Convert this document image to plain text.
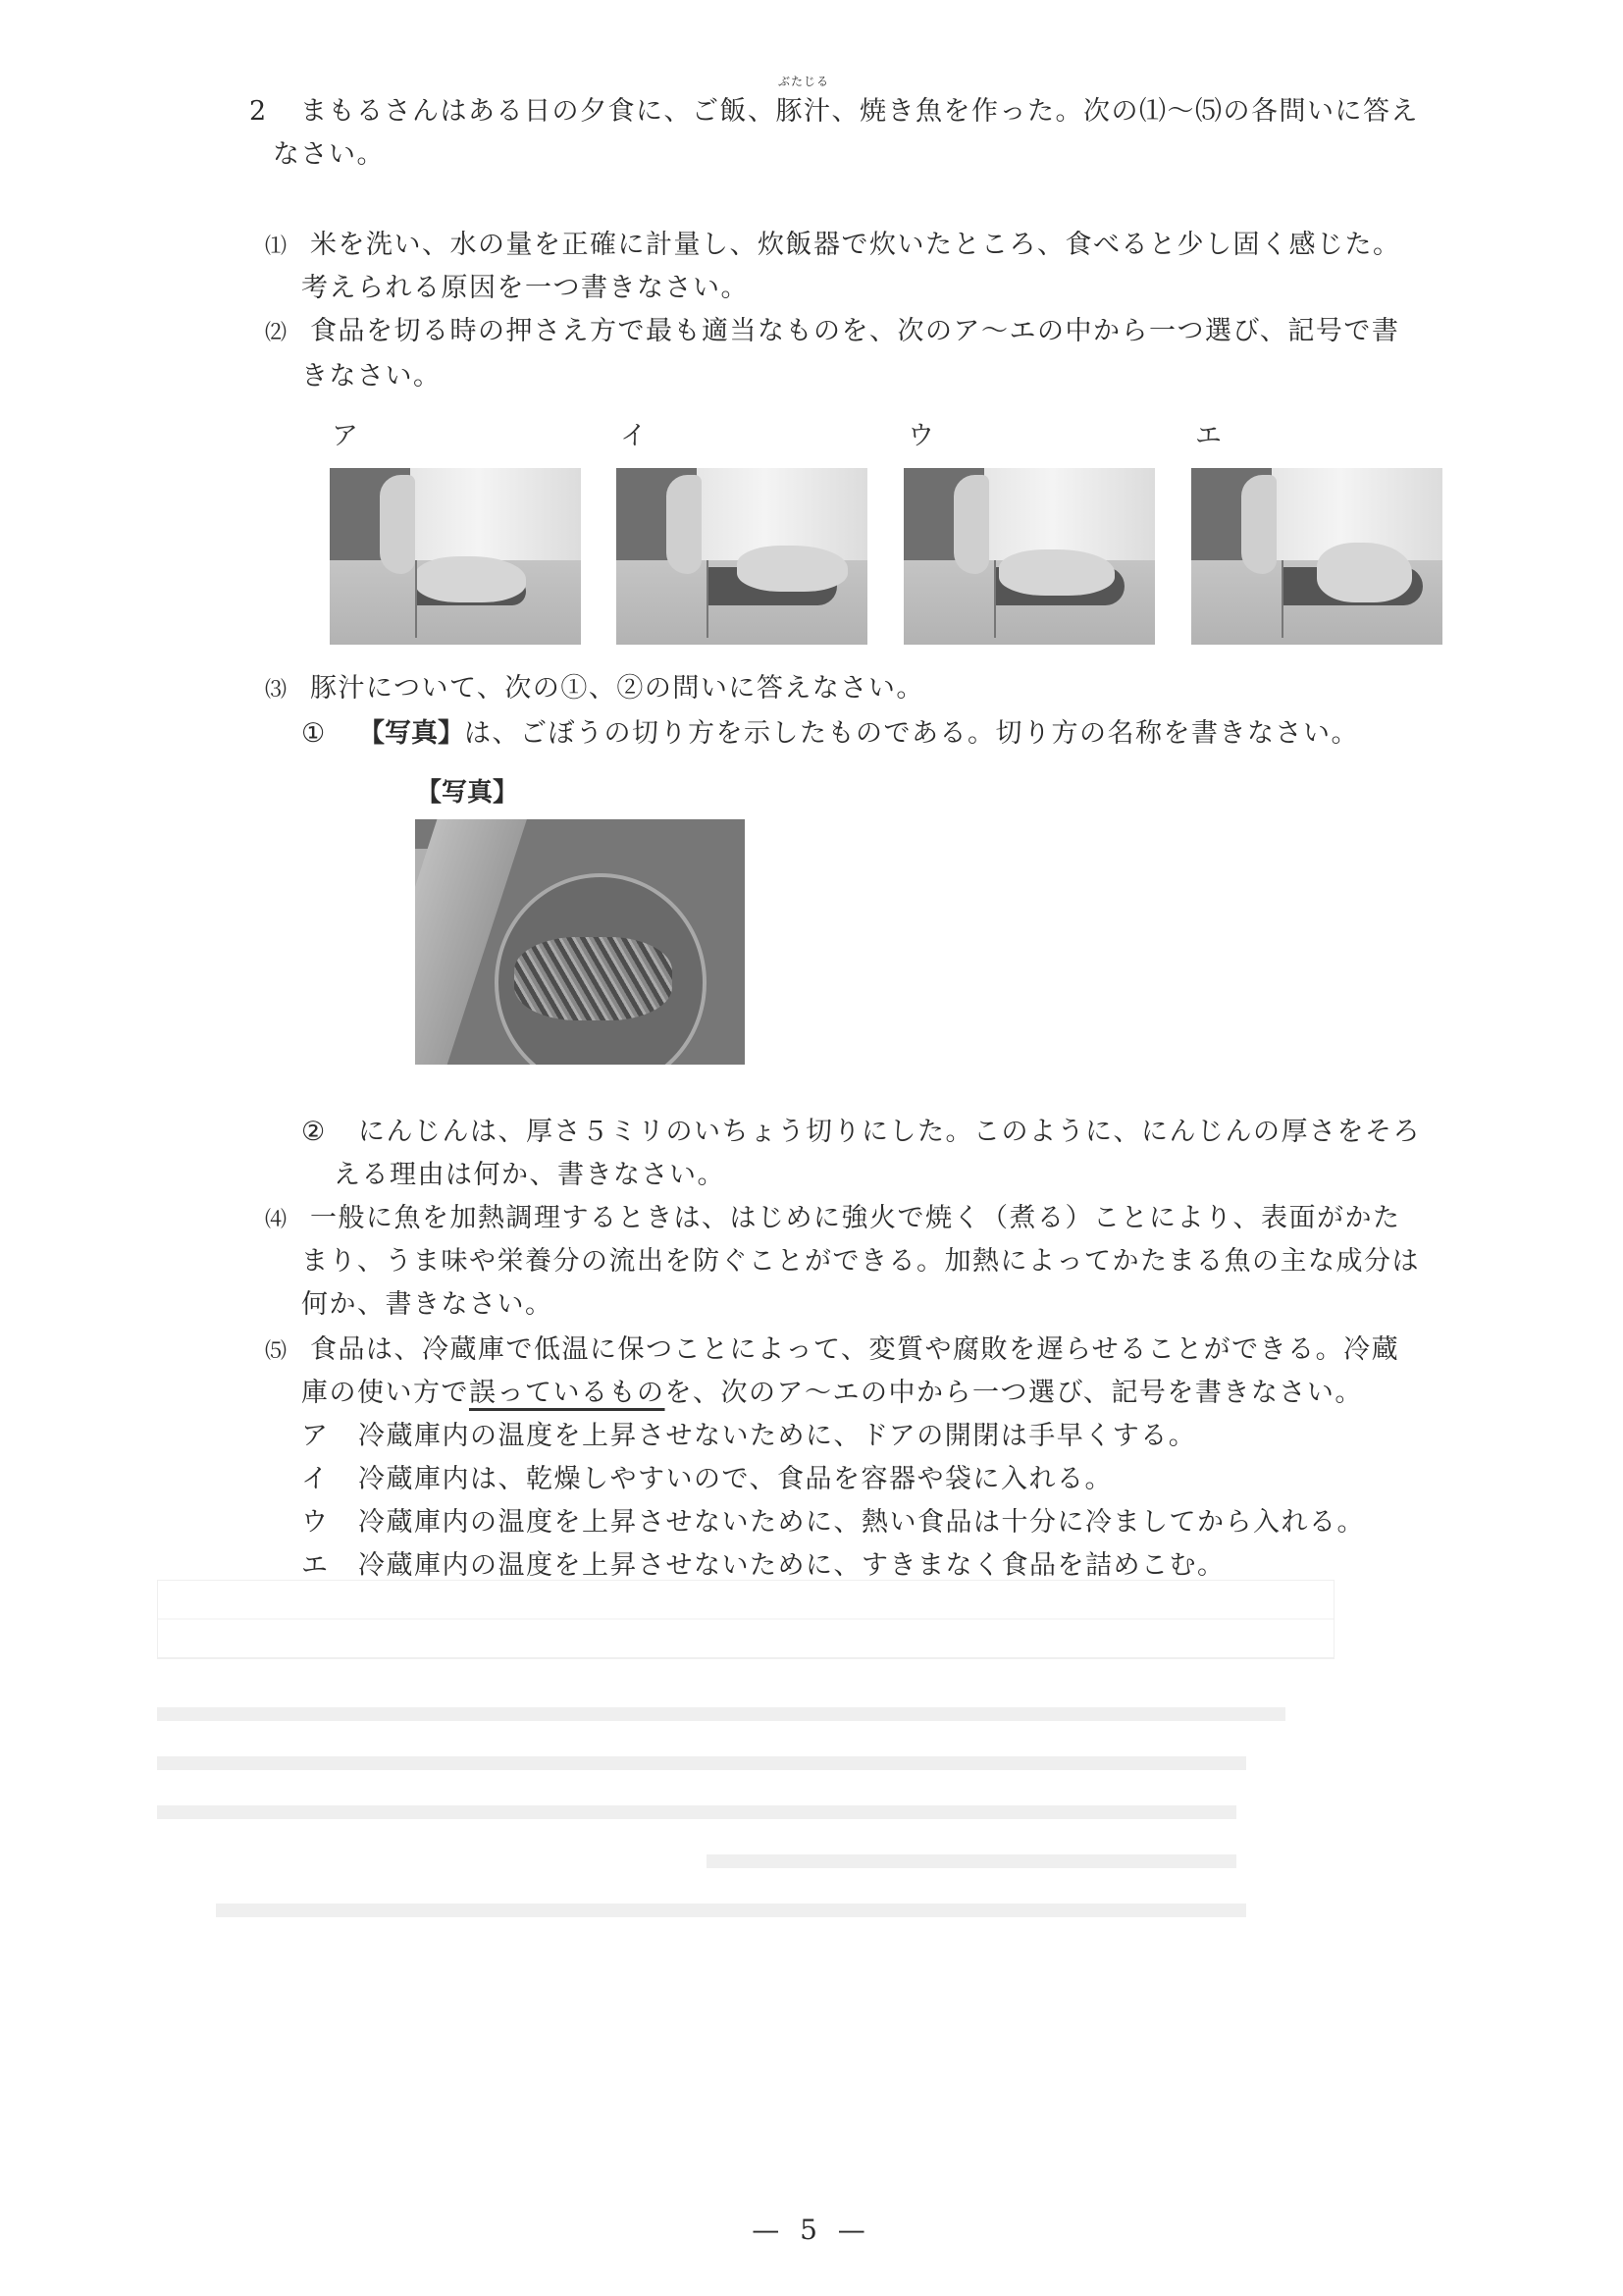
2 まもるさんはある日の夕食に、ご飯、
ぶたじる
豚汁、焼き魚を作った。次の⑴～⑸の各問いに答え
なさい。
⑴ 米を洗い、水の量を正確に計量し、炊飯器で炊いたところ、食べると少し固く感じた。
考えられる原因を一つ書きなさい。
⑵ 食品を切る時の押さえ方で最も適当なものを、次のア～エの中から一つ選び、記号で書
きなさい。
ア	イ	ウ	エ
⑶ 豚汁について、次の①、②の問いに答えなさい。
① 【写真】は、ごぼうの切り方を示したものである。切り方の名称を書きなさい。
【写真】
② にんじんは、厚さ５ミリのいちょう切りにした。このように、にんじんの厚さをそろ
える理由は何か、書きなさい。
⑷ 一般に魚を加熱調理するときは、はじめに強火で焼く（煮る）ことにより、表面がかた
まり、うま味や栄養分の流出を防ぐことができる。加熱によってかたまる魚の主な成分は
何か、書きなさい。
⑸ 食品は、冷蔵庫で低温に保つことによって、変質や腐敗を遅らせることができる。冷蔵
庫の使い方で誤っているものを、次のア～エの中から一つ選び、記号を書きなさい。
ア 冷蔵庫内の温度を上昇させないために、ドアの開閉は手早くする。
イ 冷蔵庫内は、乾燥しやすいので、食品を容器や袋に入れる。
ウ 冷蔵庫内の温度を上昇させないために、熱い食品は十分に冷ましてから入れる。
エ 冷蔵庫内の温度を上昇させないために、すきまなく食品を詰めこむ。
— 5 —
